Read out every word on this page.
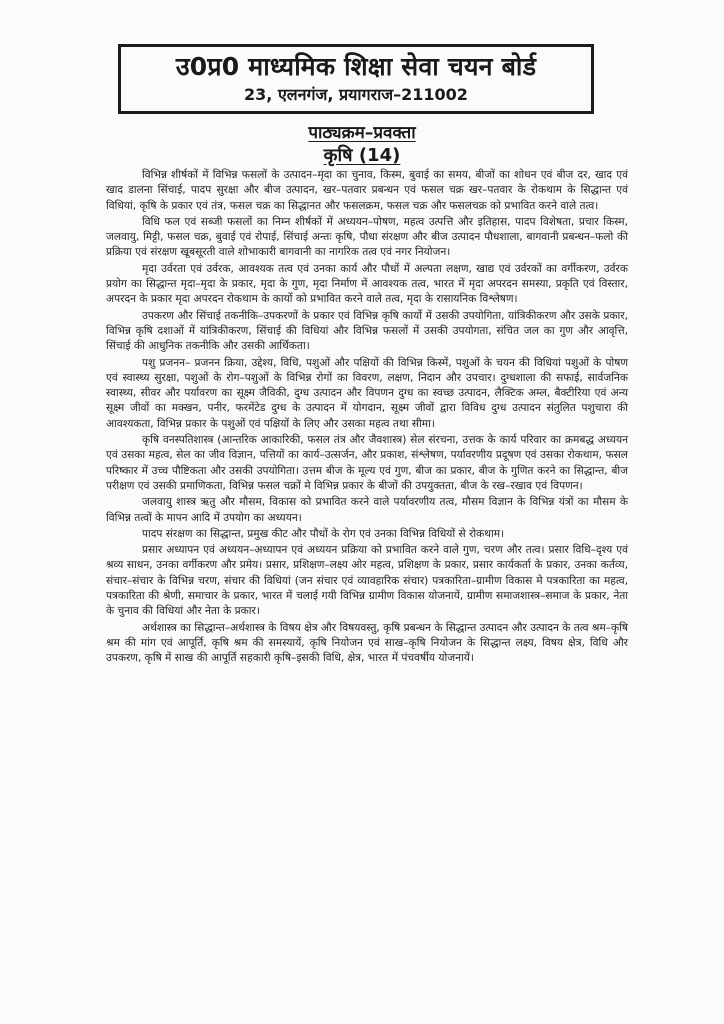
उ0प्र0 माध्यमिक शिक्षा सेवा चयन बोर्ड
23, एलनगंज, प्रयागराज–211002
पाठ्यक्रम–प्रवक्ता
कृषि (14)

विभिन्न शीर्षकों में विभिन्न फसलों के उत्पादन–मृदा का चुनाव, किस्म, बुवाई का समय, बीजों का शोधन एवं बीज दर, खाद एवं खाद डालना सिंचाई, पादप सुरक्षा और बीज उत्पादन, खर–पतवार प्रबन्धन एवं फसल चक्र खर–पतवार के रोकथाम के सिद्धान्त एवं विधियां, कृषि के प्रकार एवं तंत्र, फसल चक्र का सिद्धानत और फसलक्रम, फसल चक्र और फसलचक्र को प्रभावित करने वाले तत्व।

विधि फल एवं सब्जी फसलों का निम्न शीर्षकों में अध्ययन–पोषण, महत्व उत्पत्ति और इतिहास, पादप विशेषता, प्रचार किस्म, जलवायु, मिट्टी, फसल चक्र, बुवाई एवं रोपाई, सिंचाई अन्तः कृषि, पौधा संरक्षण और बीज उत्पादन पौधशाला, बागवानी प्रबन्धन–फलो की प्रक्रिया एवं संरक्षण खूबसूरती वाले शोभाकारी बागवानी का नागरिक तत्व एवं नगर नियोजन।

मृदा उर्वरता एवं उर्वरक, आवश्यक तत्व एवं उनका कार्य और पौधों में अल्पता लक्षण, खाद्य एवं उर्वरकों का वर्गीकरण, उर्वरक प्रयोग का सिद्धान्त मृदा–मृदा के प्रकार, मृदा के गुण, मृदा निर्माण में आवश्यक तत्व, भारत में मृदा अपरदन समस्या, प्रकृति एवं विस्तार, अपरदन के प्रकार मृदा अपरदन रोकथाम के कार्यो को प्रभावित करने वाले तत्व, मृदा के रासायनिक विश्लेषण।

उपकरण और सिंचाई तकनीकि–उपकरणों के प्रकार एवं विभिन्न कृषि कार्यो में उसकी उपयोगिता, यांत्रिकीकरण और उसके प्रकार, विभिन्न कृषि दशाओं में यांत्रिकीकरण, सिंचाई की विधियां और विभिन्न फसलों में उसकी उपयोगता, संचित जल का गुण और आवृत्ति, सिंचाई की आधुनिक तकनीकि और उसकी आर्थिकता।

पशु प्रजनन– प्रजनन क्रिया, उद्देश्य, विधि, पशुओं और पक्षियों की विभिन्न किस्में, पशुओं के चयन की विधियां पशुओं के पोषण एवं स्वास्थ्य सुरक्षा, पशुओं के रोग–पशुओं के विभिन्न रोगों का विवरण, लक्षण, निदान और उपचार। दुग्धशाला की सफाई, सार्वजनिक स्वास्थ्य, सीवर और पर्यावरण का सूक्ष्म जैविकी, दुग्ध उत्पादन और विपणन दुग्ध का स्वच्छ उत्पादन, लैक्टिक अम्ल, बैक्टीरिया एवं अन्य सूक्ष्म जीवों का मक्खन, पनीर, फरमेंटेड दुग्ध के उत्पादन में योगदान, सूक्ष्म जीवों द्वारा विविध दुग्ध उत्पादन संतुलित पशुचारा की आवश्यकता, विभिन्न प्रकार के पशुओं एवं पक्षियों के लिए और उसका महत्व तथा सीमा।

कृषि वनस्पतिशास्त्र (आन्तरिक आकारिकी, फसल तंत्र और जैवशास्त्र) सेल संरचना, उत्तक के कार्य परिवार का क्रमबद्ध अध्ययन एवं उसका महत्व, सेल का जीव विज्ञान, पत्तियों का कार्य–उत्सर्जन, और प्रकाश, संश्लेषण, पर्यावरणीय प्रदूषण एवं उसका रोकथाम, फसल परिष्कार में उच्च पौष्टिकता और उसकी उपयोगिता। उत्तम बीज के मूल्य एवं गुण, बीज का प्रकार, बीज के गुणित करने का सिद्धान्त, बीज परीक्षण एवं उसकी प्रमाणिकता, विभिन्न फसल चक्रों मे विभिन्न प्रकार के बीजों की उपयुक्तता, बीज के रख–रखाव एवं विपणन।

जलवायु शास्त्र ऋतु और मौसम, विकास को प्रभावित करने वाले पर्यावरणीय तत्व, मौसम विज्ञान के विभिन्न यंत्रों का मौसम के विभिन्न तत्वों के मापन आदि में उपयोग का अध्ययन।

पादप संरक्षण का सिद्धान्त, प्रमुख कीट और पौधों के रोग एवं उनका विभिन्न विधियों से रोकथाम।

प्रसार अध्यापन एवं अध्ययन–अध्यापन एवं अध्ययन प्रक्रिया को प्रभावित करने वाले गुण, चरण और तत्व। प्रसार विधि–दृश्य एवं श्रव्य साधन, उनका वर्गीकरण और प्रमेय। प्रसार, प्रशिक्षण–लक्ष्य ओर महत्व, प्रशिक्षण के प्रकार, प्रसार कार्यकर्ता के प्रकार, उनका कर्तव्य, संचार–संचार के विभिन्न चरण, संचार की विधियां (जन संचार एवं व्यावहारिक संचार) पत्रकारिता–ग्रामीण विकास मे पत्रकारिता का महत्व, पत्रकारिता की श्रेणी, समाचार के प्रकार, भारत में चलाई गयी विभिन्न ग्रामीण विकास योजनायें, ग्रामीण समाजशास्त्र–समाज के प्रकार, नेता के चुनाव की विधियां और नेता के प्रकार।

अर्थशास्त्र का सिद्धान्त–अर्थशास्त्र के विषय क्षेत्र और विषयवस्तु, कृषि प्रबन्धन के सिद्धान्त उत्पादन और उत्पादन के तत्व श्रम–कृषि श्रम की मांग एवं आपूर्ति, कृषि श्रम की समस्यायें, कृषि नियोजन एवं साख–कृषि नियोजन के सिद्धान्त लक्ष्य, विषय क्षेत्र, विधि और उपकरण, कृषि में साख की आपूर्ति सहकारी कृषि–इसकी विधि, क्षेत्र, भारत में पंचवर्षीय योजनायें।
